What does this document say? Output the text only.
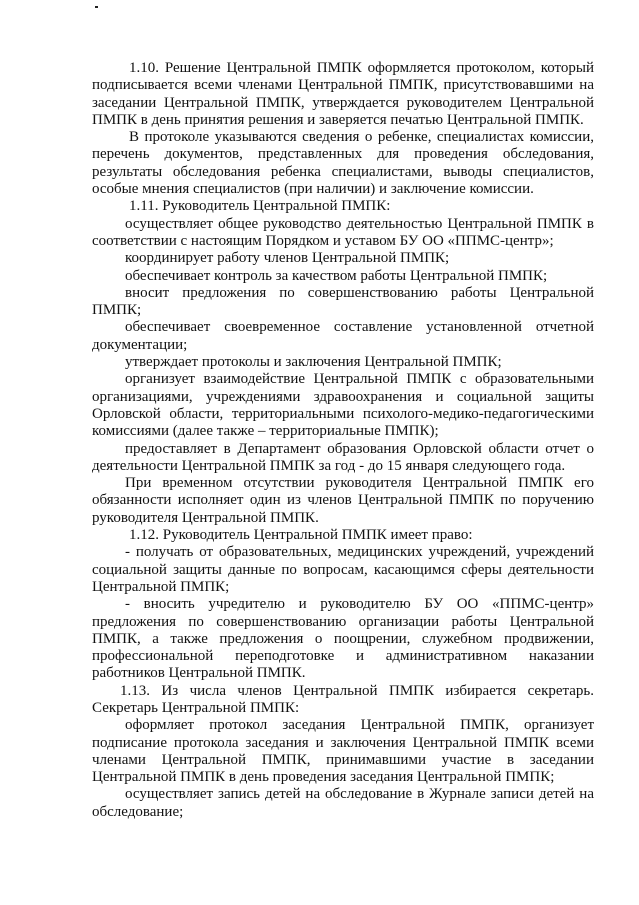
1.10. Решение Центральной ПМПК оформляется протоколом, который подписывается всеми членами Центральной ПМПК, присутствовавшими на заседании Центральной ПМПК, утверждается руководителем Центральной ПМПК в день принятия решения и заверяется печатью Центральной ПМПК.

В протоколе указываются сведения о ребенке, специалистах комиссии, перечень документов, представленных для проведения обследования, результаты обследования ребенка специалистами, выводы специалистов, особые мнения специалистов (при наличии) и заключение комиссии.

1.11. Руководитель Центральной ПМПК:

осуществляет общее руководство деятельностью Центральной ПМПК в соответствии с настоящим Порядком и уставом БУ ОО «ППМС-центр»;

координирует работу членов Центральной ПМПК;

обеспечивает контроль за качеством работы Центральной ПМПК;

вносит предложения по совершенствованию работы Центральной ПМПК;

обеспечивает своевременное составление установленной отчетной документации;

утверждает протоколы и заключения Центральной ПМПК;

организует взаимодействие Центральной ПМПК с образовательными организациями, учреждениями здравоохранения и социальной защиты Орловской области, территориальными психолого-медико-педагогическими комиссиями (далее также – территориальные ПМПК);

предоставляет в Департамент образования Орловской области отчет о деятельности Центральной ПМПК за год - до 15 января следующего года.

При временном отсутствии руководителя Центральной ПМПК его обязанности исполняет один из членов Центральной ПМПК по поручению руководителя Центральной ПМПК.

1.12. Руководитель Центральной ПМПК имеет право:

- получать от образовательных, медицинских учреждений, учреждений социальной защиты данные по вопросам, касающимся сферы деятельности Центральной ПМПК;

- вносить учредителю и руководителю БУ ОО «ППМС-центр» предложения по совершенствованию организации работы Центральной ПМПК, а также предложения о поощрении, служебном продвижении, профессиональной переподготовке и административном наказании работников Центральной ПМПК.

1.13. Из числа членов Центральной ПМПК избирается секретарь. Секретарь Центральной ПМПК:

оформляет протокол заседания Центральной ПМПК, организует подписание протокола заседания и заключения Центральной ПМПК всеми членами Центральной ПМПК, принимавшими участие в заседании Центральной ПМПК в день проведения заседания Центральной ПМПК;

осуществляет запись детей на обследование в Журнале записи детей на обследование;
